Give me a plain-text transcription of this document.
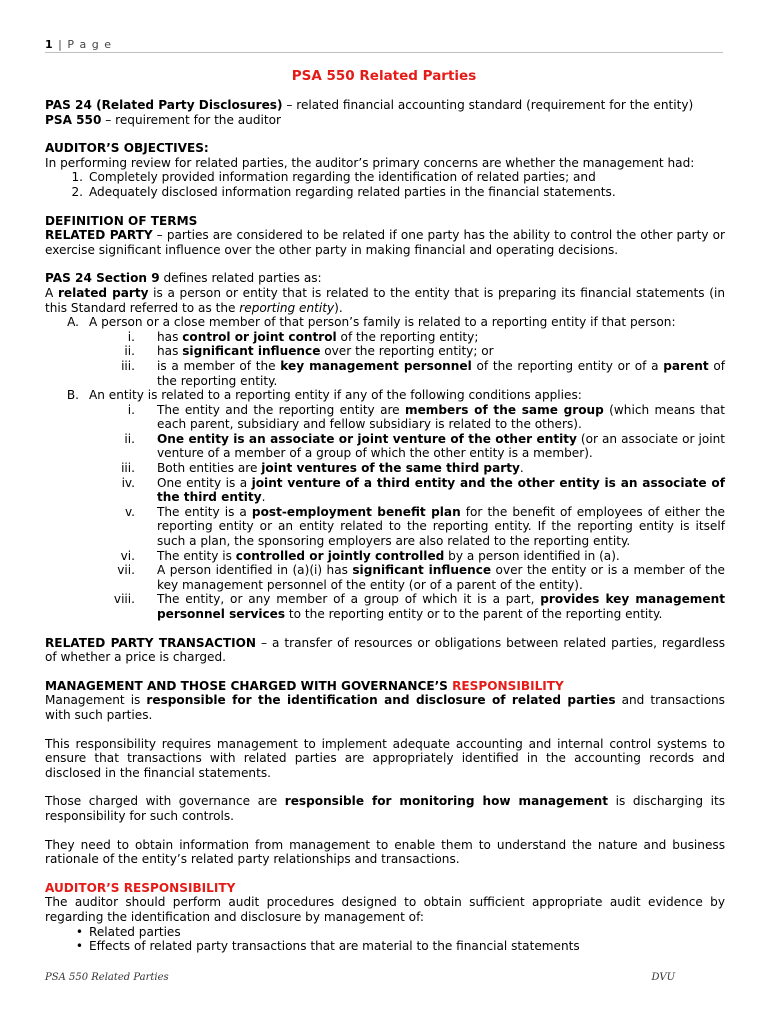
1 | P a g e
PSA 550 Related Parties

PAS 24 (Related Party Disclosures) – related financial accounting standard (requirement for the entity)

PSA 550 – requirement for the auditor

AUDITOR’S OBJECTIVES:

In performing review for related parties, the auditor’s primary concerns are whether the management had:

1. Completely provided information regarding the identification of related parties; and
2. Adequately disclosed information regarding related parties in the financial statements.

DEFINITION OF TERMS

RELATED PARTY – parties are considered to be related if one party has the ability to control the other party or exercise significant influence over the other party in making financial and operating decisions.

PAS 24 Section 9 defines related parties as:

A related party is a person or entity that is related to the entity that is preparing its financial statements (in this Standard referred to as the reporting entity).

A. A person or a close member of that person’s family is related to a reporting entity if that person:
i.	has control or joint control of the reporting entity;
ii.	has significant influence over the reporting entity; or
iii.	is a member of the key management personnel of the reporting entity or of a parent of the reporting entity.
B. An entity is related to a reporting entity if any of the following conditions applies:
i.	The entity and the reporting entity are members of the same group (which means that each parent, subsidiary and fellow subsidiary is related to the others).
ii.	One entity is an associate or joint venture of the other entity (or an associate or joint venture of a member of a group of which the other entity is a member).
iii.	Both entities are joint ventures of the same third party.
iv.	One entity is a joint venture of a third entity and the other entity is an associate of the third entity.
v.	The entity is a post-employment benefit plan for the benefit of employees of either the reporting entity or an entity related to the reporting entity. If the reporting entity is itself such a plan, the sponsoring employers are also related to the reporting entity.
vi.	The entity is controlled or jointly controlled by a person identified in (a).
vii.	A person identified in (a)(i) has significant influence over the entity or is a member of the key management personnel of the entity (or of a parent of the entity).
viii.	The entity, or any member of a group of which it is a part, provides key management personnel services to the reporting entity or to the parent of the reporting entity.

RELATED PARTY TRANSACTION – a transfer of resources or obligations between related parties, regardless of whether a price is charged.

MANAGEMENT AND THOSE CHARGED WITH GOVERNANCE’S RESPONSIBILITY

Management is responsible for the identification and disclosure of related parties and transactions with such parties.

This responsibility requires management to implement adequate accounting and internal control systems to ensure that transactions with related parties are appropriately identified in the accounting records and disclosed in the financial statements.

Those charged with governance are responsible for monitoring how management is discharging its responsibility for such controls.

They need to obtain information from management to enable them to understand the nature and business rationale of the entity’s related party relationships and transactions.

AUDITOR’S RESPONSIBILITY

The auditor should perform audit procedures designed to obtain sufficient appropriate audit evidence by regarding the identification and disclosure by management of:

• Related parties
• Effects of related party transactions that are material to the financial statements
PSA 550 Related Parties	DVU
